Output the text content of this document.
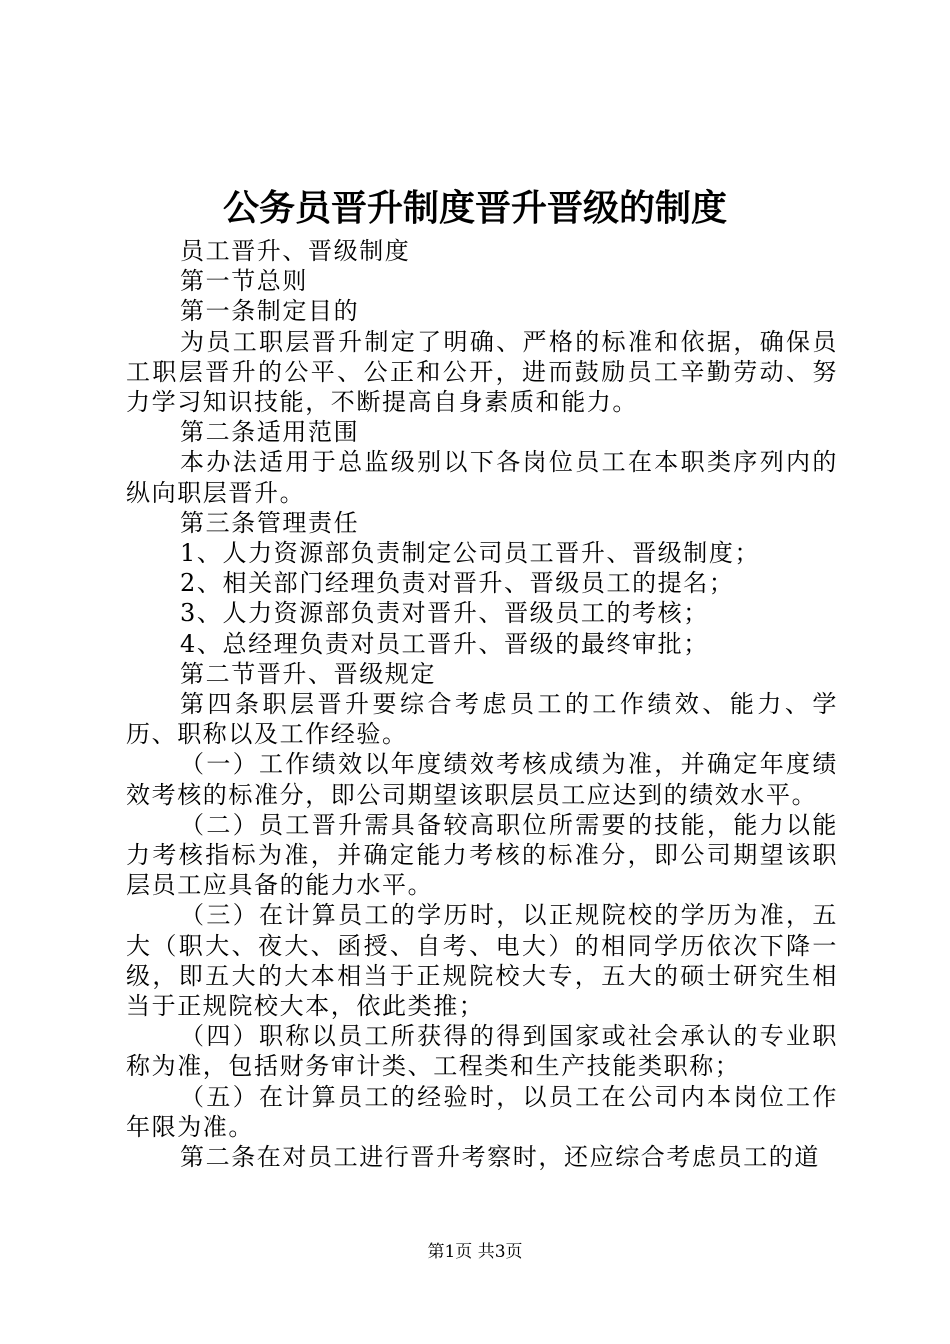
公务员晋升制度晋升晋级的制度

员工晋升、晋级制度

第一节总则

第一条制定目的

为员工职层晋升制定了明确、严格的标准和依据，确保员工职层晋升的公平、公正和公开，进而鼓励员工辛勤劳动、努力学习知识技能，不断提高自身素质和能力。

第二条适用范围

本办法适用于总监级别以下各岗位员工在本职类序列内的纵向职层晋升。

第三条管理责任

1、人力资源部负责制定公司员工晋升、晋级制度；

2、相关部门经理负责对晋升、晋级员工的提名；

3、人力资源部负责对晋升、晋级员工的考核；

4、总经理负责对员工晋升、晋级的最终审批；

第二节晋升、晋级规定

第四条职层晋升要综合考虑员工的工作绩效、能力、学历、职称以及工作经验。

（一）工作绩效以年度绩效考核成绩为准，并确定年度绩效考核的标准分，即公司期望该职层员工应达到的绩效水平。

（二）员工晋升需具备较高职位所需要的技能，能力以能力考核指标为准，并确定能力考核的标准分，即公司期望该职层员工应具备的能力水平。

（三）在计算员工的学历时，以正规院校的学历为准，五大（职大、夜大、函授、自考、电大）的相同学历依次下降一级，即五大的大本相当于正规院校大专，五大的硕士研究生相当于正规院校大本，依此类推；

（四）职称以员工所获得的得到国家或社会承认的专业职称为准，包括财务审计类、工程类和生产技能类职称；

（五）在计算员工的经验时，以员工在公司内本岗位工作年限为准。

第二条在对员工进行晋升考察时，还应综合考虑员工的道

第1页 共3页
